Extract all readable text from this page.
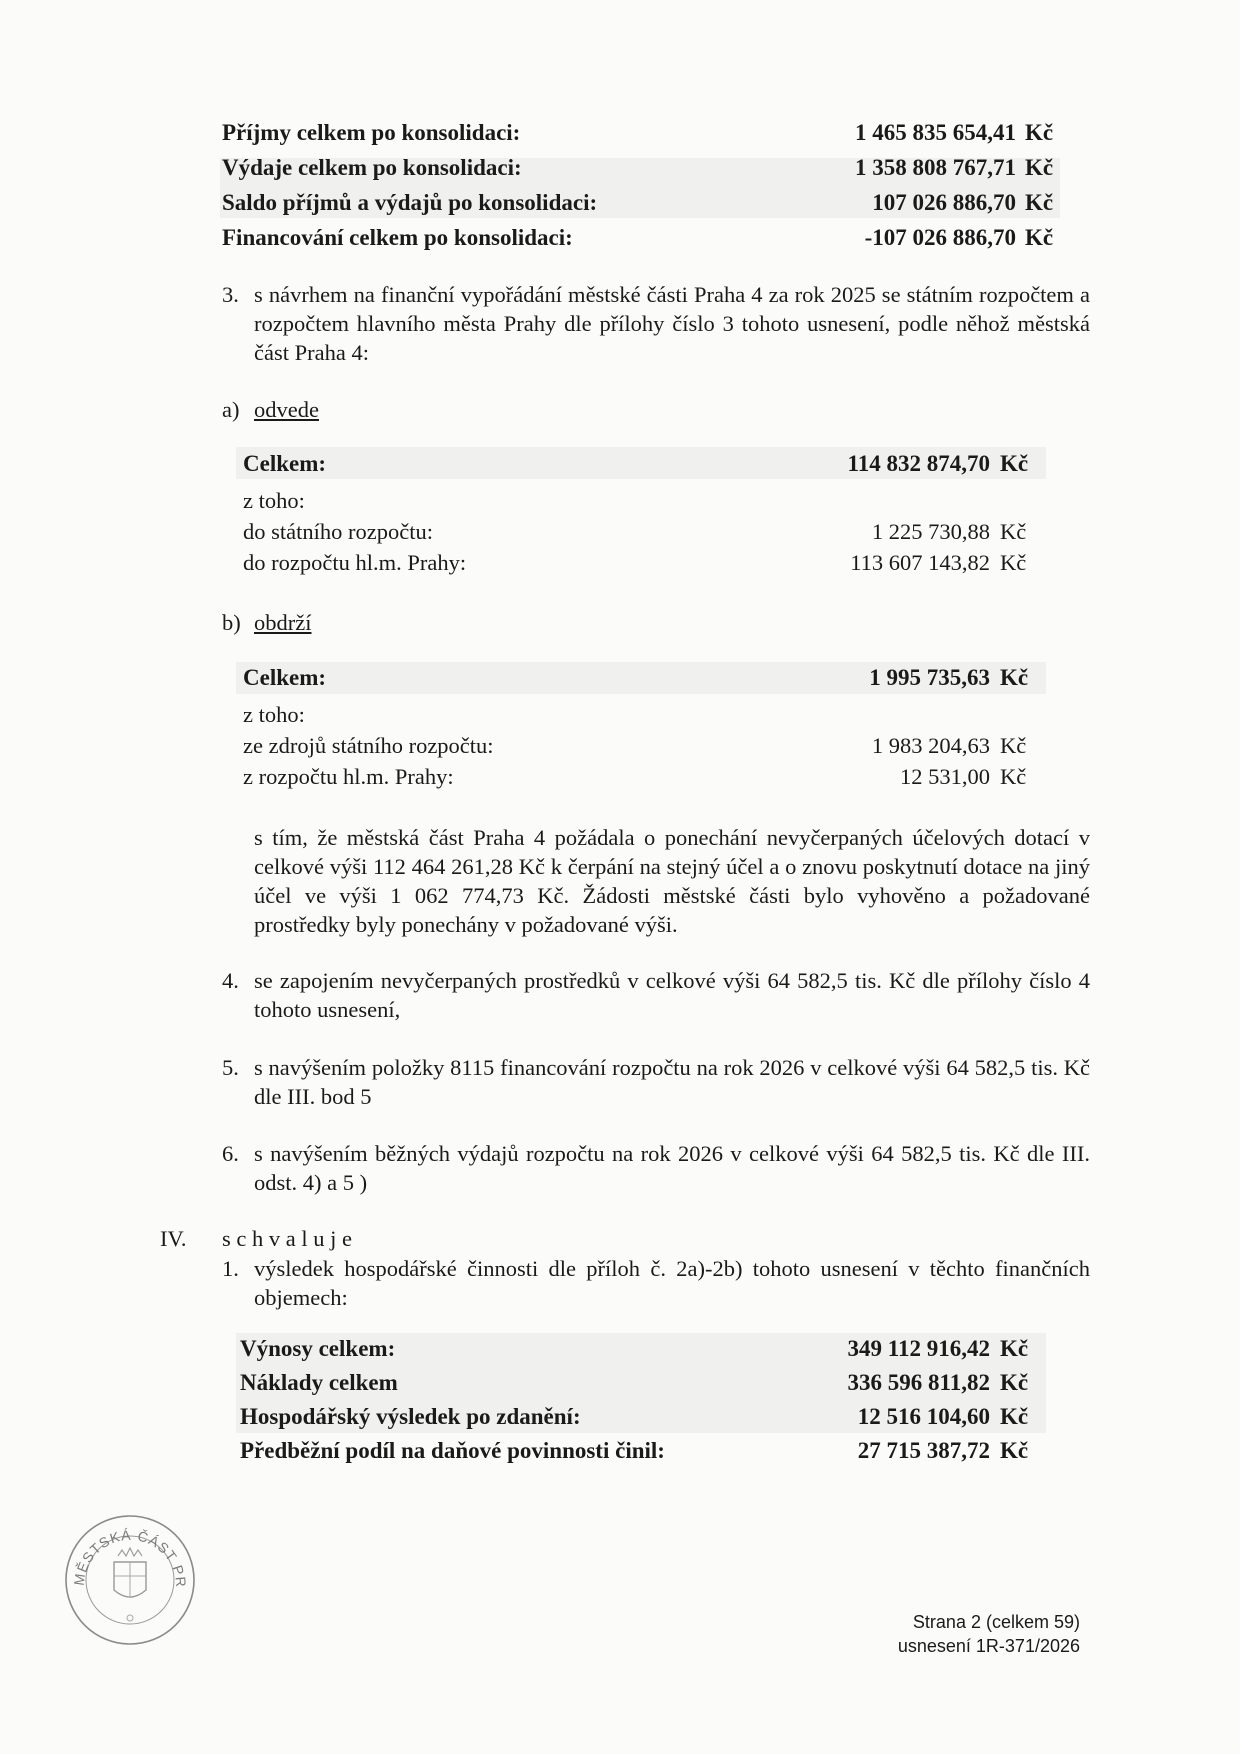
Příjmy celkem po konsolidaci:	1 465 835 654,41 Kč
Výdaje celkem po konsolidaci:	1 358 808 767,71 Kč
Saldo příjmů a výdajů po konsolidaci:	107 026 886,70 Kč
Financování celkem po konsolidaci:	-107 026 886,70 Kč
3. s návrhem na finanční vypořádání městské části Praha 4 za rok 2025 se státním rozpočtem a rozpočtem hlavního města Prahy dle přílohy číslo 3 tohoto usnesení, podle něhož městská část Praha 4:
a) odvede
Celkem:	114 832 874,70 Kč
z toho:
do státního rozpočtu:	1 225 730,88 Kč
do rozpočtu hl.m. Prahy:	113 607 143,82 Kč
b) obdrží
Celkem:	1 995 735,63 Kč
z toho:
ze zdrojů státního rozpočtu:	1 983 204,63 Kč
z rozpočtu hl.m. Prahy:	12 531,00 Kč
s tím, že městská část Praha 4 požádala o ponechání nevyčerpaných účelových dotací v celkové výši 112 464 261,28 Kč k čerpání na stejný účel a o znovu poskytnutí dotace na jiný účel ve výši 1 062 774,73 Kč. Žádosti městské části bylo vyhověno a požadované prostředky byly ponechány v požadované výši.
4. se zapojením nevyčerpaných prostředků v celkové výši 64 582,5 tis. Kč dle přílohy číslo 4 tohoto usnesení,
5. s navýšením položky 8115 financování rozpočtu na rok 2026 v celkové výši 64 582,5 tis. Kč dle III. bod 5
6. s navýšením běžných výdajů rozpočtu na rok 2026 v celkové výši 64 582,5 tis. Kč dle III. odst. 4) a 5 )
IV. s c h v a l u j e
1. výsledek hospodářské činnosti dle příloh č. 2a)-2b) tohoto usnesení v těchto finančních objemech:
Výnosy celkem:	349 112 916,42 Kč
Náklady celkem	336 596 811,82 Kč
Hospodářský výsledek po zdanění:	12 516 104,60 Kč
Předběžní podíl na daňové povinnosti činil:	27 715 387,72 Kč
MĚSTSKÁ ČÁST PR
Strana 2 (celkem 59)
usnesení 1R-371/2026
